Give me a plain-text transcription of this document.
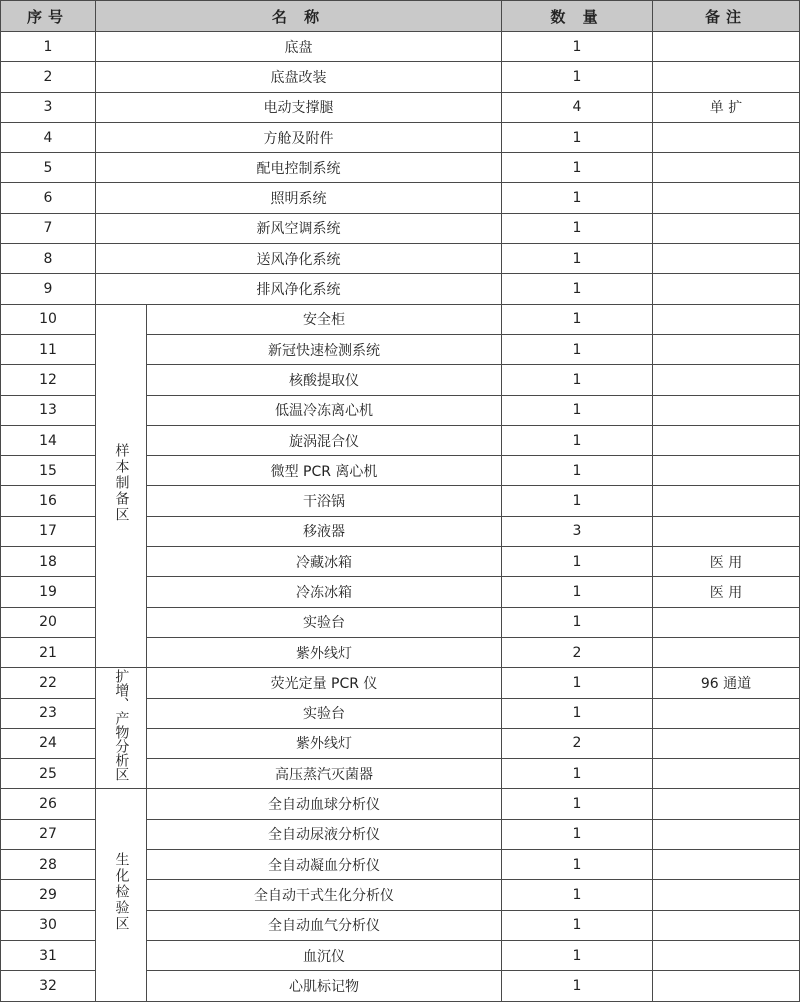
序号	名 称		数 量	备注
1	底盘		1	
2	底盘改装		1	
3	电动支撑腿		4	单 扩
4	方舱及附件		1	
5	配电控制系统		1	
6	照明系统		1	
7	新风空调系统		1	
8	送风净化系统		1	
9	排风净化系统		1	
10	样本制备区	安全柜	1	
11		新冠快速检测系统	1	
12		核酸提取仪	1	
13		低温冷冻离心机	1	
14		旋涡混合仪	1	
15		微型 PCR 离心机	1	
16		干浴锅	1	
17		移液器	3	
18		冷藏冰箱	1	医 用
19		冷冻冰箱	1	医 用
20		实验台	1	
21		紫外线灯	2	
22	扩增、产物分析区	荧光定量 PCR 仪	1	96 通道
23		实验台	1	
24		紫外线灯	2	
25		高压蒸汽灭菌器	1	
26	生化检验区	全自动血球分析仪	1	
27		全自动尿液分析仪	1	
28		全自动凝血分析仪	1	
29		全自动干式生化分析仪	1	
30		全自动血气分析仪	1	
31		血沉仪	1	
32		心肌标记物	1	
